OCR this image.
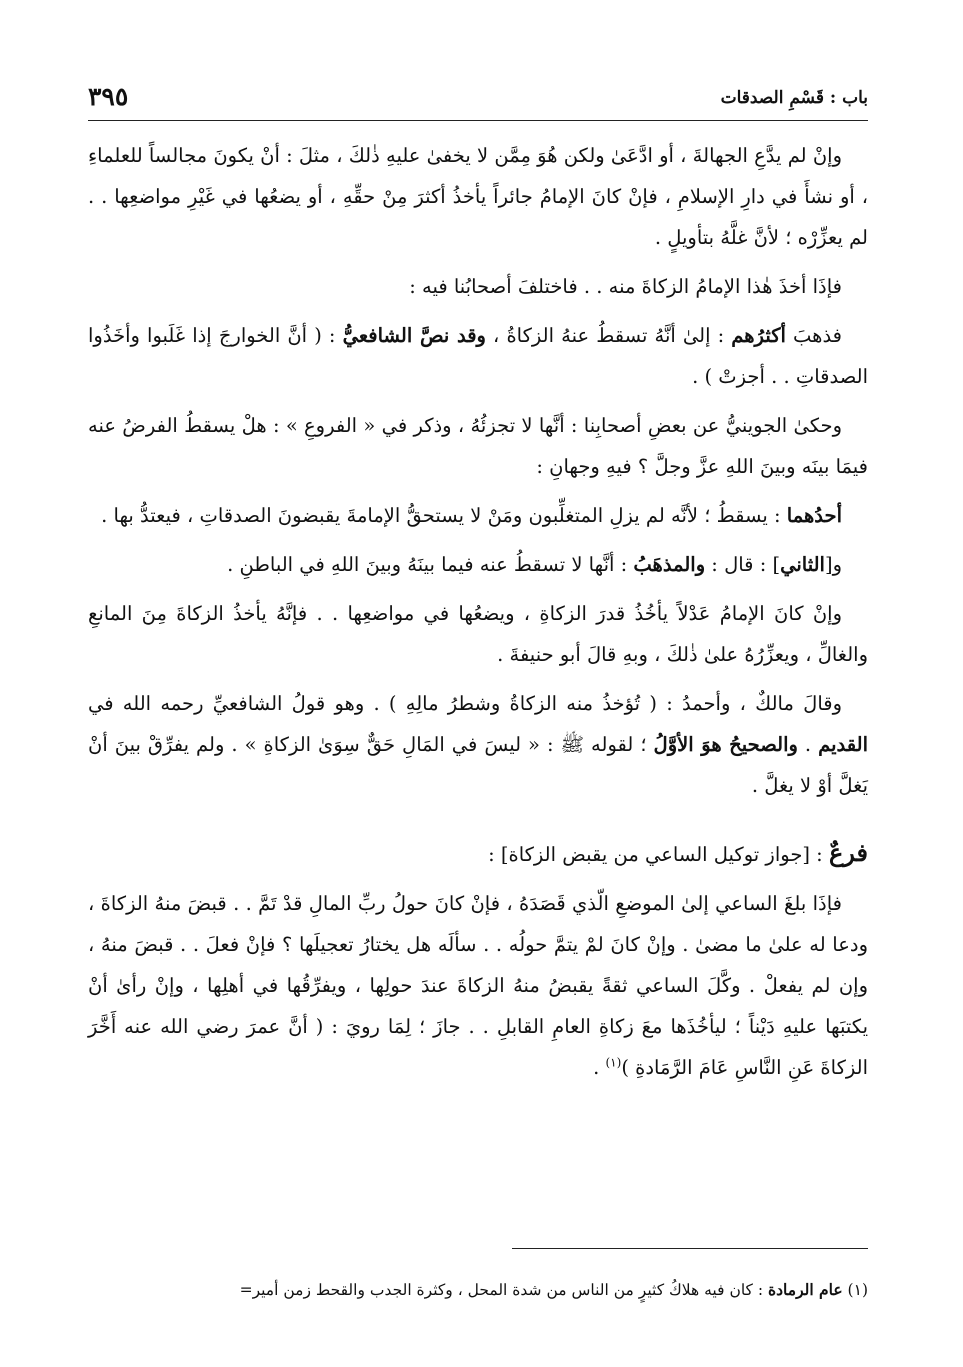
باب : قَسْمِ الصدقات
٣٩٥

وإنْ لم يدَّعِ الجهالةَ ، أو ادَّعَىٰ ولكن هُوَ مِمَّن لا يخفىٰ عليهِ ذٰلكَ ، مثلَ : أنْ يكونَ مجالساً للعلماءِ ، أو نشأَ في دارِ الإسلامِ ، فإنْ كانَ الإمامُ جائراً يأخذُ أكثرَ مِنْ حقِّهِ ، أو يضعُها في غَيْرِ مواضعِها . . لم يعزِّرْه ؛ لأنَّ غلَّهُ بتأويلٍ .

فإذَا أخذَ هٰذا الإمامُ الزكاةَ منه . . فاختلفَ أصحابُنا فيه :

فذهبَ أكثرُهم : إلىٰ أنَّهُ تسقطُ عنهُ الزكاةُ ، وقد نصَّ الشافعيُّ : ( أنَّ الخوارجَ إذا غَلَبوا وأخَذُوا الصدقاتِ . . أجزتْ ) .

وحكىٰ الجوينيُّ عن بعضِ أصحابِنا : أنَّها لا تجزئُهُ ، وذكر في « الفروعِ » : هلْ يسقطُ الفرضُ عنه فيمَا بينَه وبينَ اللهِ عزَّ وجلَّ ؟ فيهِ وجهانِ :

أحدُهما : يسقطُ ؛ لأنَّه لم يزلِ المتغلِّبون ومَنْ لا يستحقُّ الإمامةَ يقبضونَ الصدقاتِ ، فيعتدُّ بها .

و[الثاني] : قال : والمذهَبُ : أنَّها لا تسقطُ عنه فيما بينَهُ وبينَ اللهِ في الباطنِ .

وإنْ كانَ الإمامُ عَدْلاً يأخُذُ قدرَ الزكاةِ ، ويضعُها في مواضعِها . . فإنَّهُ يأخذُ الزكاةَ مِنَ المانعِ والغالِّ ، ويعزِّرُهُ علىٰ ذٰلكَ ، وبهِ قالَ أبو حنيفةَ .

وقالَ مالكٌ ، وأحمدُ : ( تُؤخذُ منه الزكاةُ وشطرُ مالِهِ ) . وهو قولُ الشافعيِّ رحمه الله في القديم . والصحيحُ هوَ الأوَّلُ ؛ لقوله ﷺ : « ليسَ في المَالِ حَقٌّ سِوَىٰ الزكاةِ » . ولم يفرِّقْ بينَ أنْ يَغلَّ أوْ لا يغلَّ .

فرعٌ : [جواز توكيل الساعي من يقبض الزكاة] :

فإذَا بلغَ الساعي إلىٰ الموضعِ الّذي قَصَدَهُ ، فإنْ كانَ حولُ ربِّ المالِ قدْ تَمَّ . . قبضَ منهُ الزكاةَ ، ودعا له علىٰ ما مضىٰ . وإنْ كانَ لمْ يتمَّ حولُه . . سألَه هل يختارُ تعجيلَها ؟ فإنْ فعلَ . . قبضَ منهُ ، وإن لم يفعلْ . وكَّلَ الساعي ثقةً يقبضُ منهُ الزكاةَ عندَ حولِها ، ويفرِّقُها في أهلِها ، وإنْ رأىٰ أنْ يكتبَها عليهِ دَيْناً ؛ ليأخُذَها معَ زكاةِ العامِ القابلِ . . جازَ ؛ لِمَا رويَ : ( أنَّ عمرَ رضي الله عنه أَخَّرَ الزكاةَ عَنِ النَّاسِ عَامَ الرَّمَادةِ )$^{(١)}$ .

(١) عام الرمادة : كان فيه هلاكُ كثيرٍ من الناس من شدة المحل ، وكثرة الجدب والقحط زمن أمير=
